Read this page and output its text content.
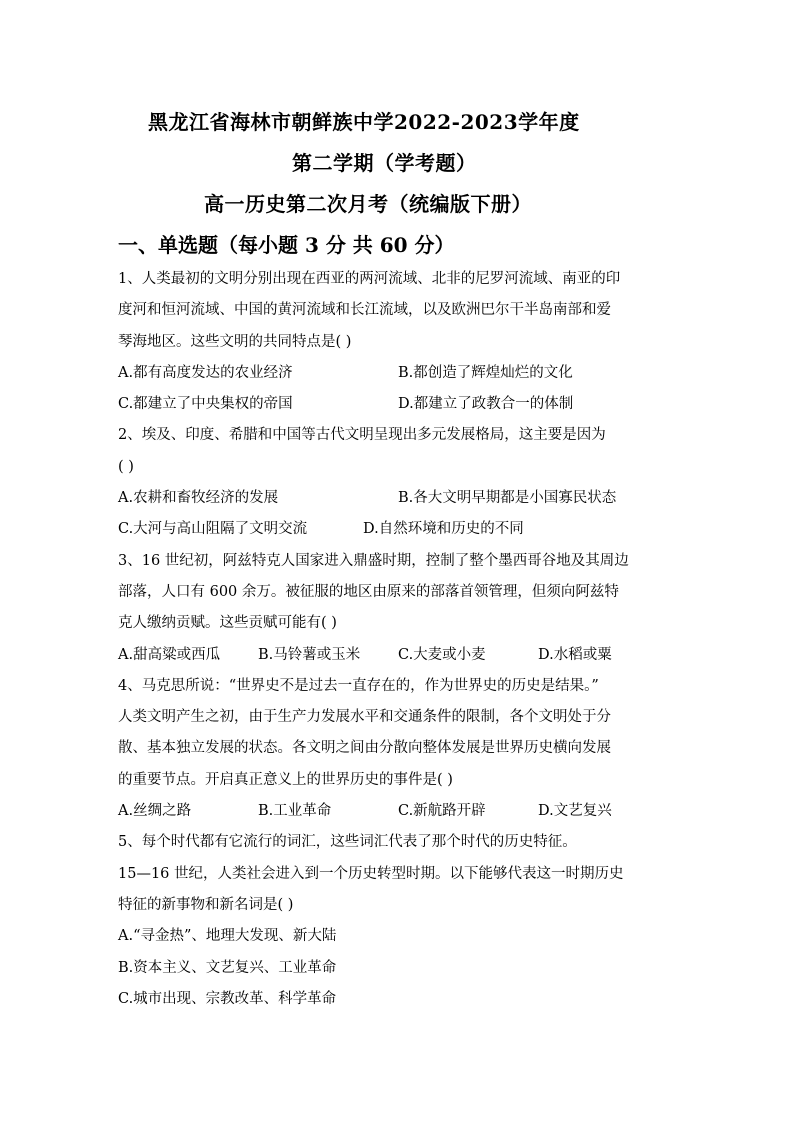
黑龙江省海林市朝鲜族中学2022-2023学年度
第二学期（学考题）
高一历史第二次月考（统编版下册）
一、单选题（每小题 3 分 共 60 分）
1、人类最初的文明分别出现在西亚的两河流域、北非的尼罗河流域、南亚的印
度河和恒河流域、中国的黄河流域和长江流域，以及欧洲巴尔干半岛南部和爱
琴海地区。这些文明的共同特点是( )
A.都有高度发达的农业经济	B.都创造了辉煌灿烂的文化
C.都建立了中央集权的帝国	D.都建立了政教合一的体制
2、埃及、印度、希腊和中国等古代文明呈现出多元发展格局，这主要是因为
( )
A.农耕和畜牧经济的发展	B.各大文明早期都是小国寡民状态
C.大河与高山阻隔了文明交流	D.自然环境和历史的不同
3、16 世纪初，阿兹特克人国家进入鼎盛时期，控制了整个墨西哥谷地及其周边
部落，人口有 600 余万。被征服的地区由原来的部落首领管理，但须向阿兹特
克人缴纳贡赋。这些贡赋可能有( )
A.甜高粱或西瓜	B.马铃薯或玉米	C.大麦或小麦	D.水稻或粟
4、马克思所说：“世界史不是过去一直存在的，作为世界史的历史是结果。”
人类文明产生之初，由于生产力发展水平和交通条件的限制，各个文明处于分
散、基本独立发展的状态。各文明之间由分散向整体发展是世界历史横向发展
的重要节点。开启真正意义上的世界历史的事件是( )
A.丝绸之路	B.工业革命	C.新航路开辟	D.文艺复兴
5、每个时代都有它流行的词汇，这些词汇代表了那个时代的历史特征。
15—16 世纪，人类社会进入到一个历史转型时期。以下能够代表这一时期历史
特征的新事物和新名词是( )
A.“寻金热”、地理大发现、新大陆
B.资本主义、文艺复兴、工业革命
C.城市出现、宗教改革、科学革命
